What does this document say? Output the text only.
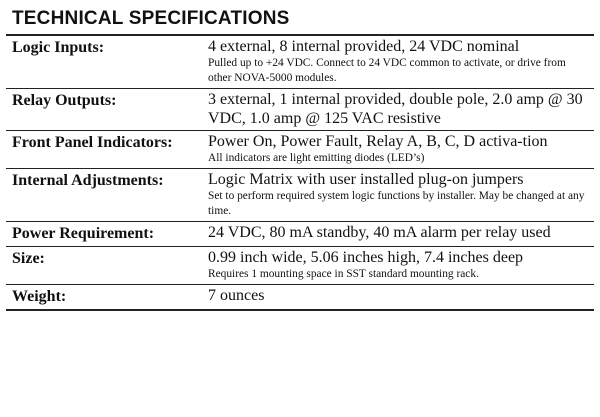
TECHNICAL SPECIFICATIONS
Logic Inputs:	4 external, 8 internal provided, 24 VDC nominal
Pulled up to +24 VDC. Connect to 24 VDC common to activate, or drive from other NOVA-5000 modules.

Relay Outputs:	3 external, 1 internal provided, double pole, 2.0 amp @ 30 VDC, 1.0 amp @ 125 VAC resistive

Front Panel Indicators:	Power On, Power Fault, Relay A, B, C, D activa-tion
All indicators are light emitting diodes (LED’s)

Internal Adjustments:	Logic Matrix with user installed plug-on jumpers
Set to perform required system logic functions by installer. May be changed at any time.

Power Requirement:	24 VDC, 80 mA standby, 40 mA alarm per relay used

Size:	0.99 inch wide, 5.06 inches high, 7.4 inches deep
Requires 1 mounting space in SST standard mounting rack.

Weight:	7 ounces
